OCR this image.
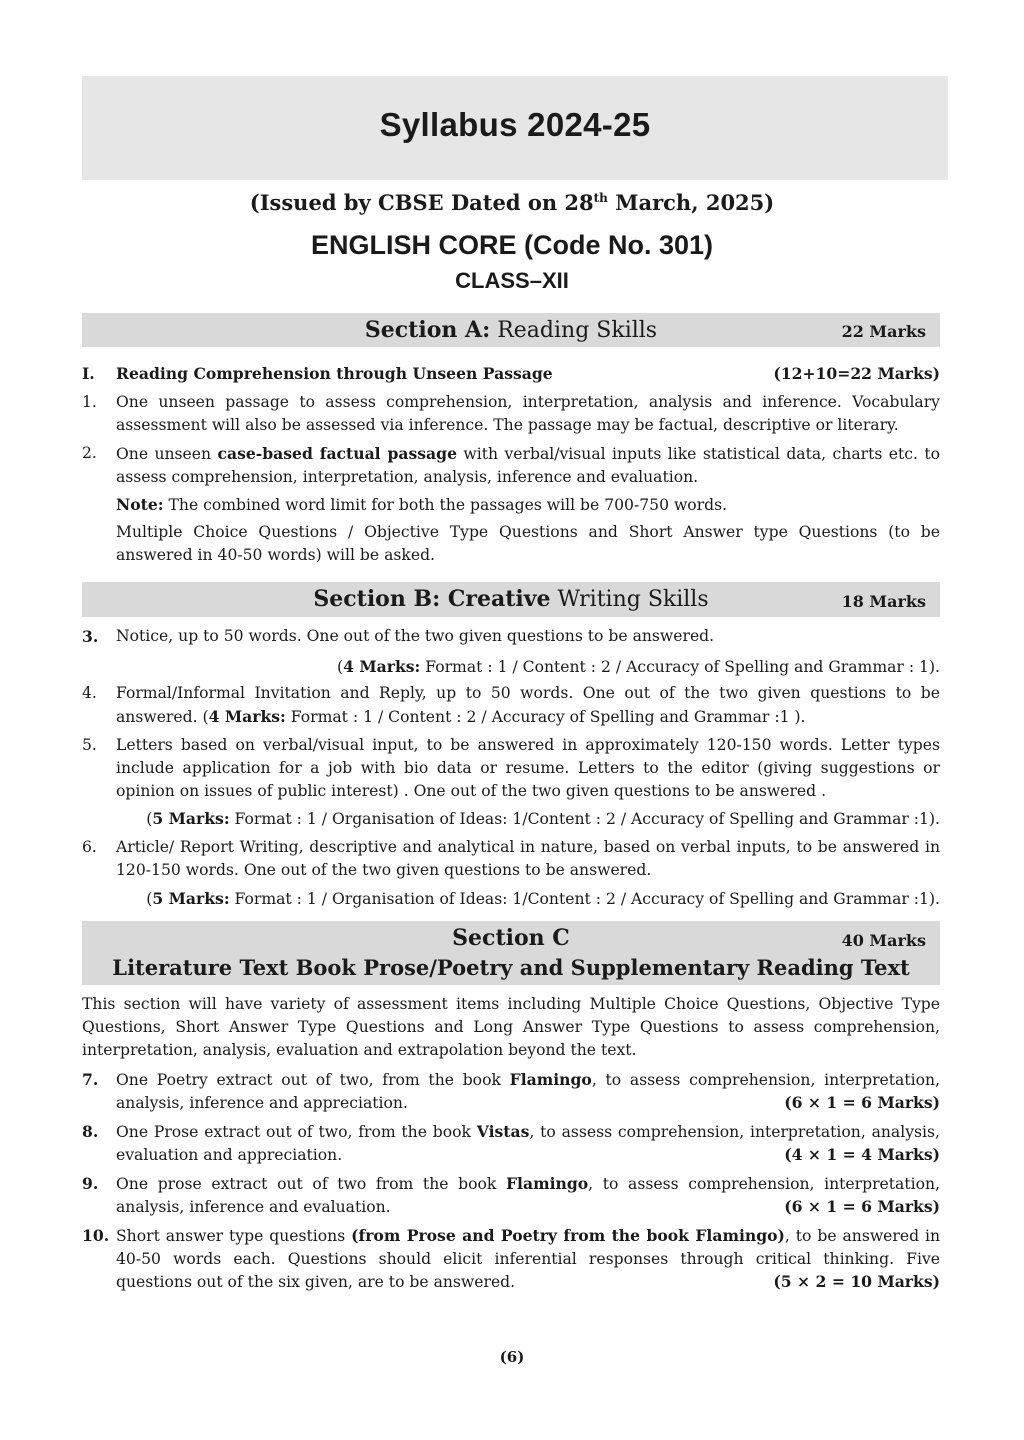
Syllabus 2024-25
(Issued by CBSE Dated on 28th March, 2025)
ENGLISH CORE (Code No. 301)
CLASS–XII
Section A: Reading Skills	22 Marks
I.	(12+10=22 Marks)
Reading Comprehension through Unseen Passage
1. One unseen passage to assess comprehension, interpretation, analysis and inference. Vocabulary assessment will also be assessed via inference. The passage may be factual, descriptive or literary.
2. One unseen case-based factual passage with verbal/visual inputs like statistical data, charts etc. to assess comprehension, interpretation, analysis, inference and evaluation.
Note: The combined word limit for both the passages will be 700-750 words.
Multiple Choice Questions / Objective Type Questions and Short Answer type Questions (to be answered in 40-50 words) will be asked.
Section B: Creative Writing Skills	18 Marks
3. Notice, up to 50 words. One out of the two given questions to be answered.
(4 Marks: Format : 1 / Content : 2 / Accuracy of Spelling and Grammar : 1).
4. Formal/Informal Invitation and Reply, up to 50 words. One out of the two given questions to be answered. (4 Marks: Format : 1 / Content : 2 / Accuracy of Spelling and Grammar :1 ).
5. Letters based on verbal/visual input, to be answered in approximately 120-150 words. Letter types include application for a job with bio data or resume. Letters to the editor (giving suggestions or opinion on issues of public interest) . One out of the two given questions to be answered .
(5 Marks: Format : 1 / Organisation of Ideas: 1/Content : 2 / Accuracy of Spelling and Grammar :1).
6. Article/ Report Writing, descriptive and analytical in nature, based on verbal inputs, to be answered in 120-150 words. One out of the two given questions to be answered.
(5 Marks: Format : 1 / Organisation of Ideas: 1/Content : 2 / Accuracy of Spelling and Grammar :1).
Section C	40 Marks
Literature Text Book Prose/Poetry and Supplementary Reading Text
This section will have variety of assessment items including Multiple Choice Questions, Objective Type Questions, Short Answer Type Questions and Long Answer Type Questions to assess comprehension, interpretation, analysis, evaluation and extrapolation beyond the text.
7. One Poetry extract out of two, from the book Flamingo, to assess comprehension, interpretation, analysis, inference and appreciation.	(6 × 1 = 6 Marks)
8. One Prose extract out of two, from the book Vistas, to assess comprehension, interpretation, analysis, evaluation and appreciation.	(4 × 1 = 4 Marks)
9. One prose extract out of two from the book Flamingo, to assess comprehension, interpretation, analysis, inference and evaluation.	(6 × 1 = 6 Marks)
10. Short answer type questions (from Prose and Poetry from the book Flamingo), to be answered in 40-50 words each. Questions should elicit inferential responses through critical thinking. Five questions out of the six given, are to be answered.	(5 × 2 = 10 Marks)
(6)
